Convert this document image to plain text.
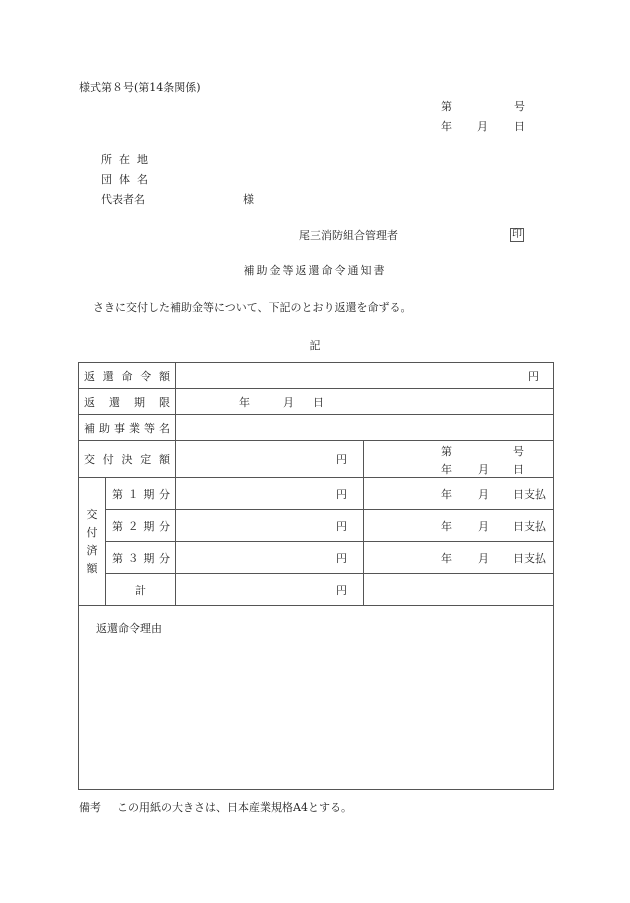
様式第８号(第14条関係)
第	号
年 月 日
所在地
団体名
代表者名	様
尾三消防組合管理者	印
補助金等返還命令通知書
さきに交付した補助金等について、下記のとおり返還を命ずる。
記
返還命令額		円	
返還期限		年 月 日	

補助事業等名			
交付決定額		円	第 号
年 月 日

交
付
済
額	第１期分	円	年 月 日支払

	第２期分	円	年 月 日支払

	第３期分	円	年 月 日支払

	計	円	

返還命令理由			
備考 この用紙の大きさは、日本産業規格A4とする。
